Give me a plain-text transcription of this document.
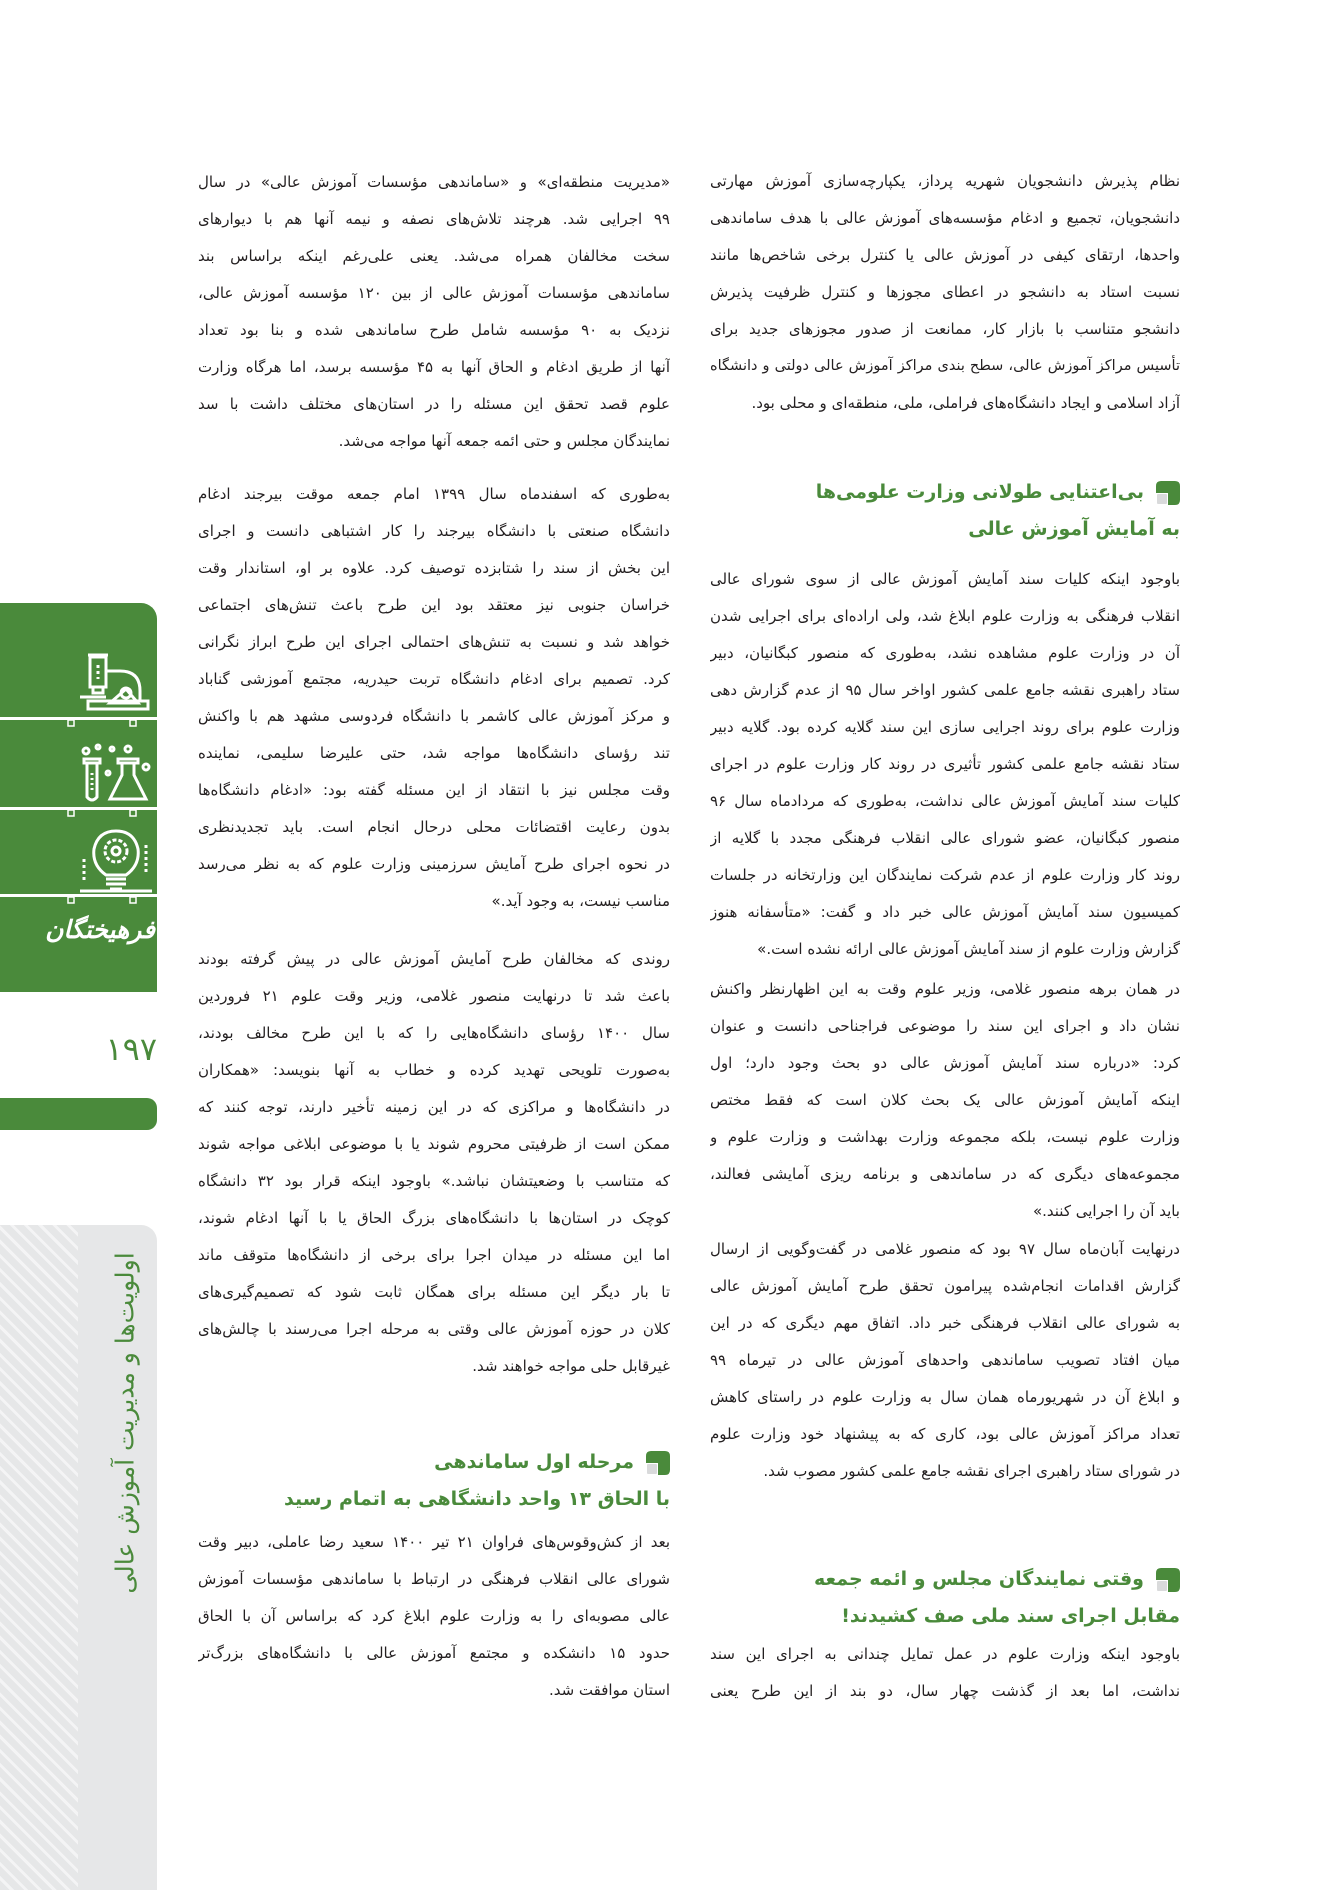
فرهیختگان
۱۹۷
اولویت‌ها و مدیریت آموزش عالی
نظام پذیرش دانشجویان شهریه پرداز، یکپارچه‌سازی آموزش مهارتی
دانشجویان، تجمیع و ادغام مؤسسه‌های آموزش عالی با هدف ساماندهی
واحدها، ارتقای کیفی در آموزش عالی یا کنترل برخی شاخص‌ها مانند
نسبت استاد به دانشجو در اعطای مجوزها و کنترل ظرفیت پذیرش
دانشجو متناسب با بازار کار، ممانعت از صدور مجوزهای جدید برای
تأسیس مراکز آموزش عالی، سطح بندی مراکز آموزش عالی دولتی و دانشگاه
آزاد اسلامی و ایجاد دانشگاه‌های فراملی، ملی، منطقه‌ای و محلی بود.
بی‌اعتنایی طولانی وزارت علومی‌ها
به آمایش آموزش عالی
باوجود اینکه کلیات سند آمایش آموزش عالی از سوی شورای عالی
انقلاب فرهنگی به وزارت علوم ابلاغ شد، ولی اراده‌ای برای اجرایی شدن
آن در وزارت علوم مشاهده نشد، به‌طوری که منصور کبگانیان، دبیر
ستاد راهبری نقشه جامع علمی کشور اواخر سال ۹۵ از عدم گزارش دهی
وزارت علوم برای روند اجرایی سازی این سند گلایه کرده بود. گلایه دبیر
ستاد نقشه جامع علمی کشور تأثیری در روند کار وزارت علوم در اجرای
کلیات سند آمایش آموزش عالی نداشت، به‌طوری که مردادماه سال ۹۶
منصور کبگانیان، عضو شورای عالی انقلاب فرهنگی مجدد با گلایه از
روند کار وزارت علوم از عدم شرکت نمایندگان این وزارتخانه در جلسات
کمیسیون سند آمایش آموزش عالی خبر داد و گفت: «متأسفانه هنوز
گزارش وزارت علوم از سند آمایش آموزش عالی ارائه نشده است.»
در همان برهه منصور غلامی، وزیر علوم وقت به این اظهارنظر واکنش
نشان داد و اجرای این سند را موضوعی فراجناحی دانست و عنوان
کرد: «درباره سند آمایش آموزش عالی دو بحث وجود دارد؛ اول
اینکه آمایش آموزش عالی یک بحث کلان است که فقط مختص
وزارت علوم نیست، بلکه مجموعه وزارت بهداشت و وزارت علوم و
مجموعه‌های دیگری که در ساماندهی و برنامه ریزی آمایشی فعالند،
باید آن را اجرایی کنند.»
درنهایت آبان‌ماه سال ۹۷ بود که منصور غلامی در گفت‌وگویی از ارسال
گزارش اقدامات انجام‌شده پیرامون تحقق طرح آمایش آموزش عالی
به شورای عالی انقلاب فرهنگی خبر داد. اتفاق مهم دیگری که در این
میان افتاد تصویب ساماندهی واحدهای آموزش عالی در تیرماه ۹۹
و ابلاغ آن در شهریورماه همان سال به وزارت علوم در راستای کاهش
تعداد مراکز آموزش عالی بود، کاری که به پیشنهاد خود وزارت علوم
در شورای ستاد راهبری اجرای نقشه جامع علمی کشور مصوب شد.
وقتی نمایندگان مجلس و ائمه جمعه
مقابل اجرای سند ملی صف کشیدند!
باوجود اینکه وزارت علوم در عمل تمایل چندانی به اجرای این سند
نداشت، اما بعد از گذشت چهار سال، دو بند از این طرح یعنی
«مدیریت منطقه‌ای» و «ساماندهی مؤسسات آموزش عالی» در سال
۹۹ اجرایی شد. هرچند تلاش‌های نصفه و نیمه آنها هم با دیوارهای
سخت مخالفان همراه می‌شد. یعنی علی‌رغم اینکه براساس بند
ساماندهی مؤسسات آموزش عالی از بین ۱۲۰ مؤسسه آموزش عالی،
نزدیک به ۹۰ مؤسسه شامل طرح ساماندهی شده و بنا بود تعداد
آنها از طریق ادغام و الحاق آنها به ۴۵ مؤسسه برسد، اما هرگاه وزارت
علوم قصد تحقق این مسئله را در استان‌های مختلف داشت با سد
نمایندگان مجلس و حتی ائمه جمعه آنها مواجه می‌شد.
به‌طوری که اسفندماه سال ۱۳۹۹ امام جمعه موقت بیرجند ادغام
دانشگاه صنعتی با دانشگاه بیرجند را کار اشتباهی دانست و اجرای
این بخش از سند را شتابزده توصیف کرد. علاوه بر او، استاندار وقت
خراسان جنوبی نیز معتقد بود این طرح باعث تنش‌های اجتماعی
خواهد شد و نسبت به تنش‌های احتمالی اجرای این طرح ابراز نگرانی
کرد. تصمیم برای ادغام دانشگاه تربت حیدریه، مجتمع آموزشی گناباد
و مرکز آموزش عالی کاشمر با دانشگاه فردوسی مشهد هم با واکنش
تند رؤسای دانشگاه‌ها مواجه شد، حتی علیرضا سلیمی، نماینده
وقت مجلس نیز با انتقاد از این مسئله گفته بود: «ادغام دانشگاه‌ها
بدون رعایت اقتضائات محلی درحال انجام است. باید تجدیدنظری
در نحوه اجرای طرح آمایش سرزمینی وزارت علوم که به نظر می‌رسد
مناسب نیست، به وجود آید.»
روندی که مخالفان طرح آمایش آموزش عالی در پیش گرفته بودند
باعث شد تا درنهایت منصور غلامی، وزیر وقت علوم ۲۱ فروردین
سال ۱۴۰۰ رؤسای دانشگاه‌هایی را که با این طرح مخالف بودند،
به‌صورت تلویحی تهدید کرده و خطاب به آنها بنویسد: «همکاران
در دانشگاه‌ها و مراکزی که در این زمینه تأخیر دارند، توجه کنند که
ممکن است از ظرفیتی محروم شوند یا با موضوعی ابلاغی مواجه شوند
که متناسب با وضعیتشان نباشد.» باوجود اینکه قرار بود ۳۲ دانشگاه
کوچک در استان‌ها با دانشگاه‌های بزرگ الحاق یا با آنها ادغام شوند،
اما این مسئله در میدان اجرا برای برخی از دانشگاه‌ها متوقف ماند
تا بار دیگر این مسئله برای همگان ثابت شود که تصمیم‌گیری‌های
کلان در حوزه آموزش عالی وقتی به مرحله اجرا می‌رسند با چالش‌های
غیرقابل حلی مواجه خواهند شد.
مرحله اول ساماندهی
با الحاق ۱۳ واحد دانشگاهی به اتمام رسید
بعد از کش‌وقوس‌های فراوان ۲۱ تیر ۱۴۰۰ سعید رضا عاملی، دبیر وقت
شورای عالی انقلاب فرهنگی در ارتباط با ساماندهی مؤسسات آموزش
عالی مصوبه‌ای را به وزارت علوم ابلاغ کرد که براساس آن با الحاق
حدود ۱۵ دانشکده و مجتمع آموزش عالی با دانشگاه‌های بزرگ‌تر
استان موافقت شد.
